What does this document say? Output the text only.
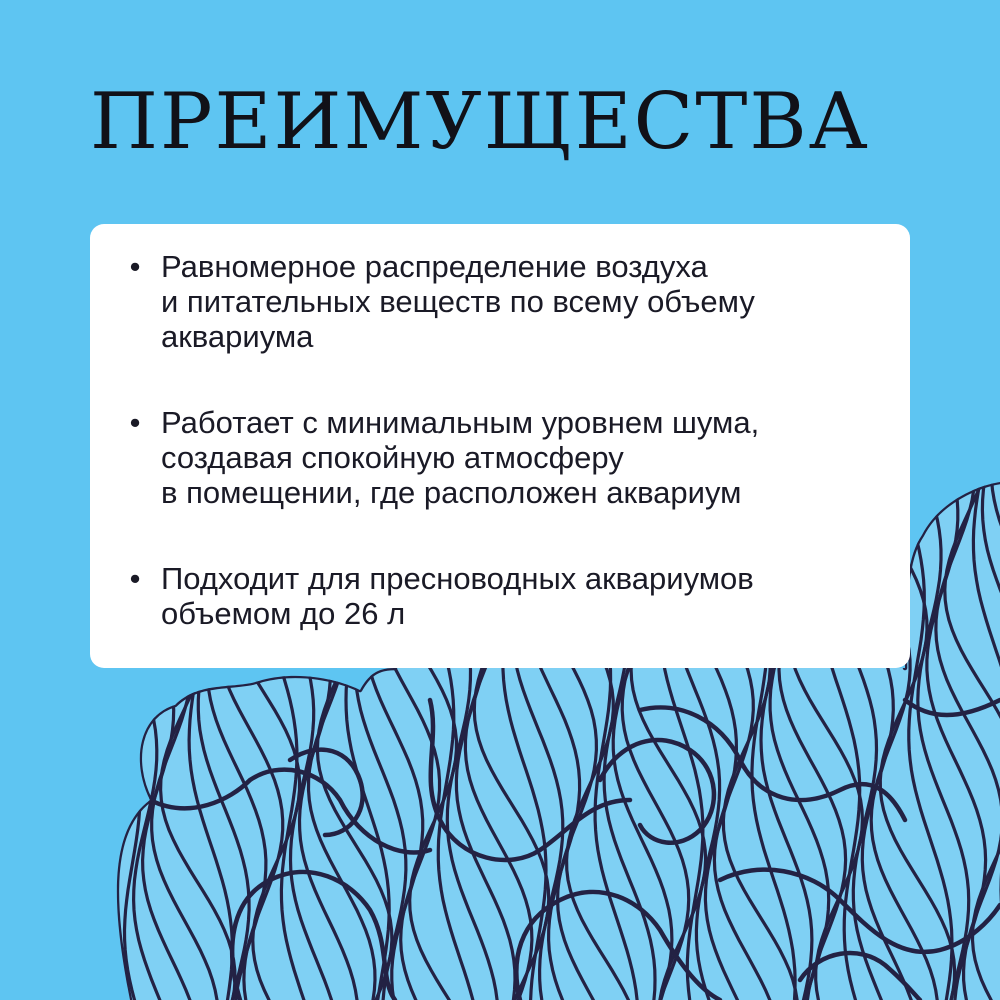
ПРЕИМУЩЕСТВА
• Равномерное распределение воздуха
и питательных веществ по всему объему
аквариума
• Работает с минимальным уровнем шума,
создавая спокойную атмосферу
в помещении, где расположен аквариум
• Подходит для пресноводных аквариумов
объемом до 26 л
